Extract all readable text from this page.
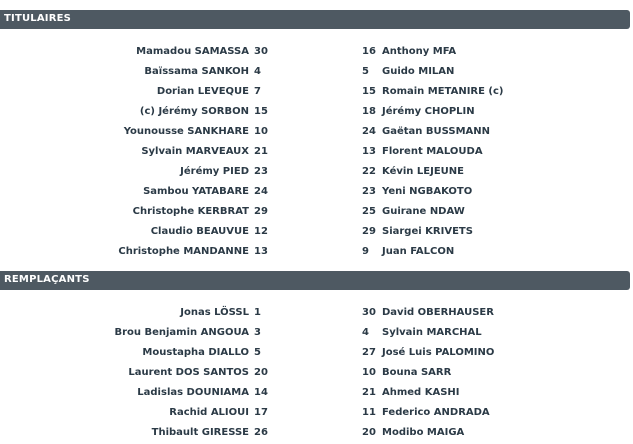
TITULAIRES
Mamadou SAMASSA 30	16 Anthony MFA
Baïssama SANKOH 4	5	Guido MILAN
Dorian LEVEQUE 7	15 Romain METANIRE (c)
(c) Jérémy SORBON 15	18 Jérémy CHOPLIN
Younousse SANKHARE 10	24 Gaëtan BUSSMANN
Sylvain MARVEAUX 21	13 Florent MALOUDA
Jérémy PIED 23	22 Kévin LEJEUNE
Sambou YATABARE 24	23 Yeni NGBAKOTO
Christophe KERBRAT 29	25 Guirane NDAW
Claudio BEAUVUE 12	29 Siargei KRIVETS
Christophe MANDANNE 13	9	Juan FALCON
REMPLAÇANTS
Jonas LÖSSL 1	30 David OBERHAUSER
Brou Benjamin ANGOUA 3	4	Sylvain MARCHAL
Moustapha DIALLO 5	27 José Luis PALOMINO
Laurent DOS SANTOS 20	10 Bouna SARR
Ladislas DOUNIAMA 14	21 Ahmed KASHI
Rachid ALIOUI 17	11 Federico ANDRADA
Thibault GIRESSE 26	20 Modibo MAIGA
